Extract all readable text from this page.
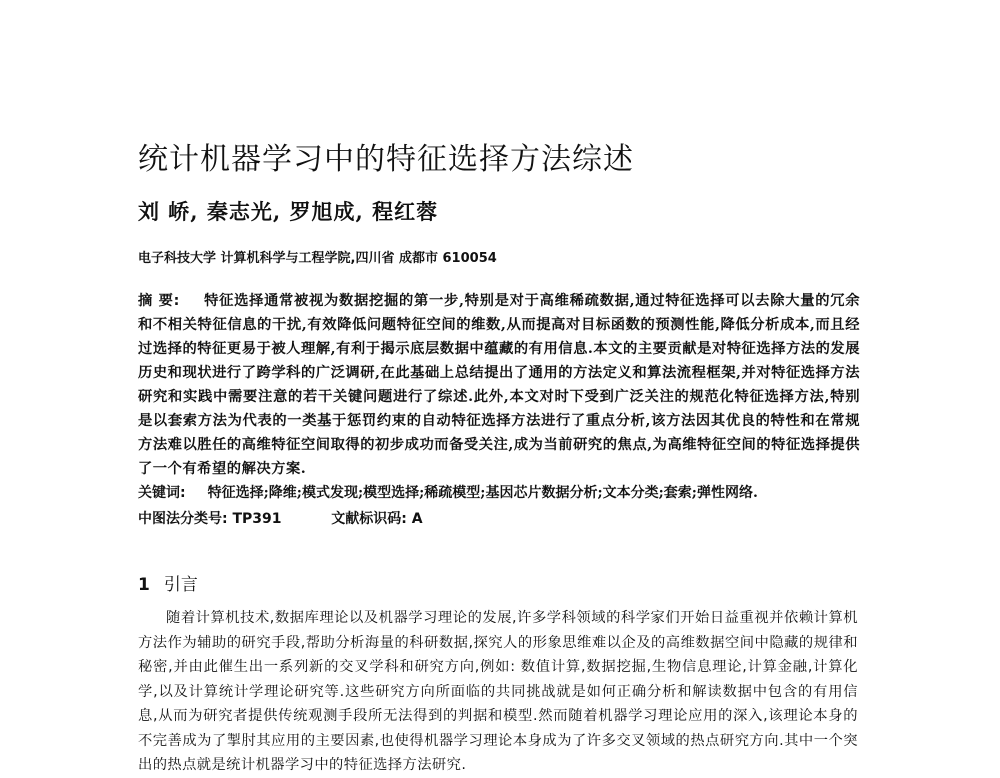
统计机器学习中的特征选择方法综述
刘 峤, 秦志光, 罗旭成, 程红蓉
电子科技大学 计算机科学与工程学院,四川省 成都市 610054
摘 要: 特征选择通常被视为数据挖掘的第一步,特别是对于高维稀疏数据,通过特征选择可以去除大量的冗余和不相关特征信息的干扰,有效降低问题特征空间的维数,从而提高对目标函数的预测性能,降低分析成本,而且经过选择的特征更易于被人理解,有利于揭示底层数据中蕴藏的有用信息.本文的主要贡献是对特征选择方法的发展历史和现状进行了跨学科的广泛调研,在此基础上总结提出了通用的方法定义和算法流程框架,并对特征选择方法研究和实践中需要注意的若干关键问题进行了综述.此外,本文对时下受到广泛关注的规范化特征选择方法,特别是以套索方法为代表的一类基于惩罚约束的自动特征选择方法进行了重点分析,该方法因其优良的特性和在常规方法难以胜任的高维特征空间取得的初步成功而备受关注,成为当前研究的焦点,为高维特征空间的特征选择提供了一个有希望的解决方案.
关键词: 特征选择;降维;模式发现;模型选择;稀疏模型;基因芯片数据分析;文本分类;套索;弹性网络.
中图法分类号: TP391	文献标识码: A
1 引言
随着计算机技术,数据库理论以及机器学习理论的发展,许多学科领域的科学家们开始日益重视并依赖计算机方法作为辅助的研究手段,帮助分析海量的科研数据,探究人的形象思维难以企及的高维数据空间中隐藏的规律和秘密,并由此催生出一系列新的交叉学科和研究方向,例如: 数值计算,数据挖掘,生物信息理论,计算金融,计算化学,以及计算统计学理论研究等.这些研究方向所面临的共同挑战就是如何正确分析和解读数据中包含的有用信息,从而为研究者提供传统观测手段所无法得到的判据和模型.然而随着机器学习理论应用的深入,该理论本身的不完善成为了掣肘其应用的主要因素,也使得机器学习理论本身成为了许多交叉领域的热点研究方向.其中一个突出的热点就是统计机器学习中的特征选择方法研究.
